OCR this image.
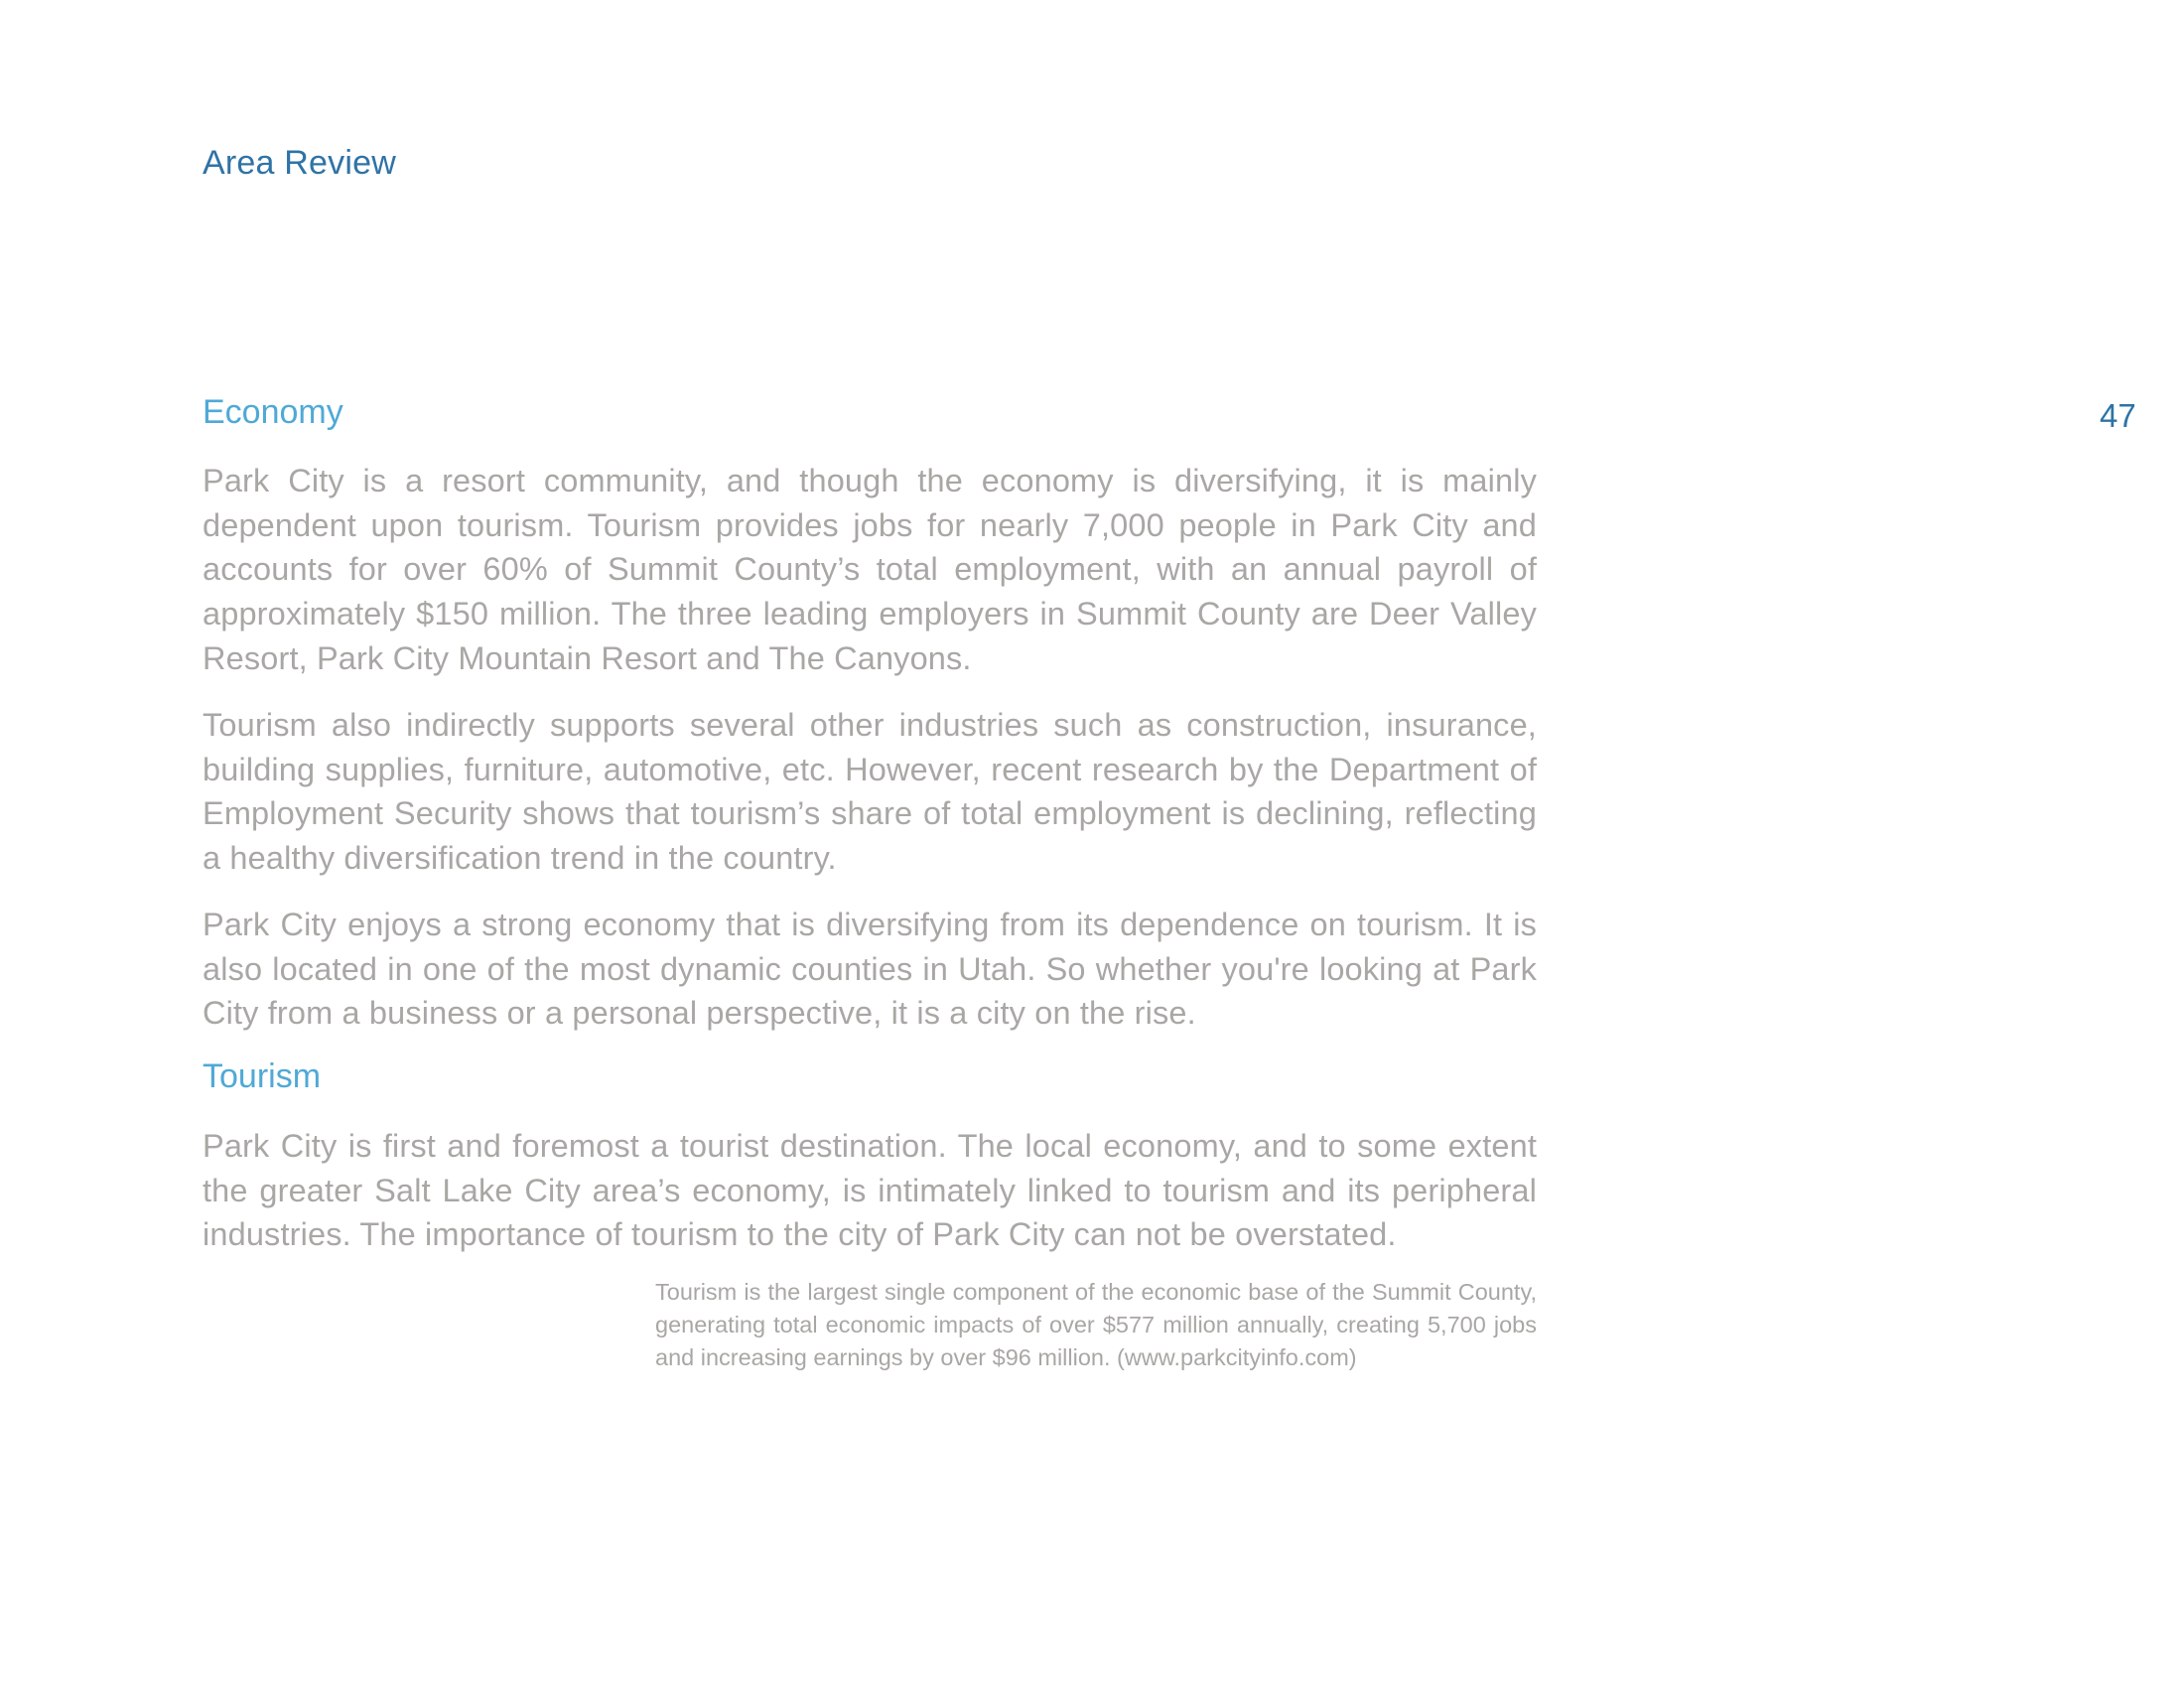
Area Review
47
Economy

Park City is a resort community, and though the economy is diversifying, it is mainly dependent upon tourism. Tourism provides jobs for nearly 7,000 people in Park City and accounts for over 60% of Summit County’s total employment, with an annual payroll of approximately $150 million. The three leading employers in Summit County are Deer Valley Resort, Park City Mountain Resort and The Canyons.

Tourism also indirectly supports several other industries such as construction, insurance, building supplies, furniture, automotive, etc. However, recent research by the Department of Employment Security shows that tourism’s share of total employment is declining, reflecting a healthy diversification trend in the country.

Park City enjoys a strong economy that is diversifying from its dependence on tourism. It is also located in one of the most dynamic counties in Utah. So whether you're looking at Park City from a business or a personal perspective, it is a city on the rise.

Tourism

Park City is first and foremost a tourist destination. The local economy, and to some extent the greater Salt Lake City area’s economy, is intimately linked to tourism and its peripheral industries. The importance of tourism to the city of Park City can not be overstated.

Tourism is the largest single component of the economic base of the Summit County, generating total economic impacts of over $577 million annually, creating 5,700 jobs and increasing earnings by over $96 million. (www.parkcityinfo.com)
